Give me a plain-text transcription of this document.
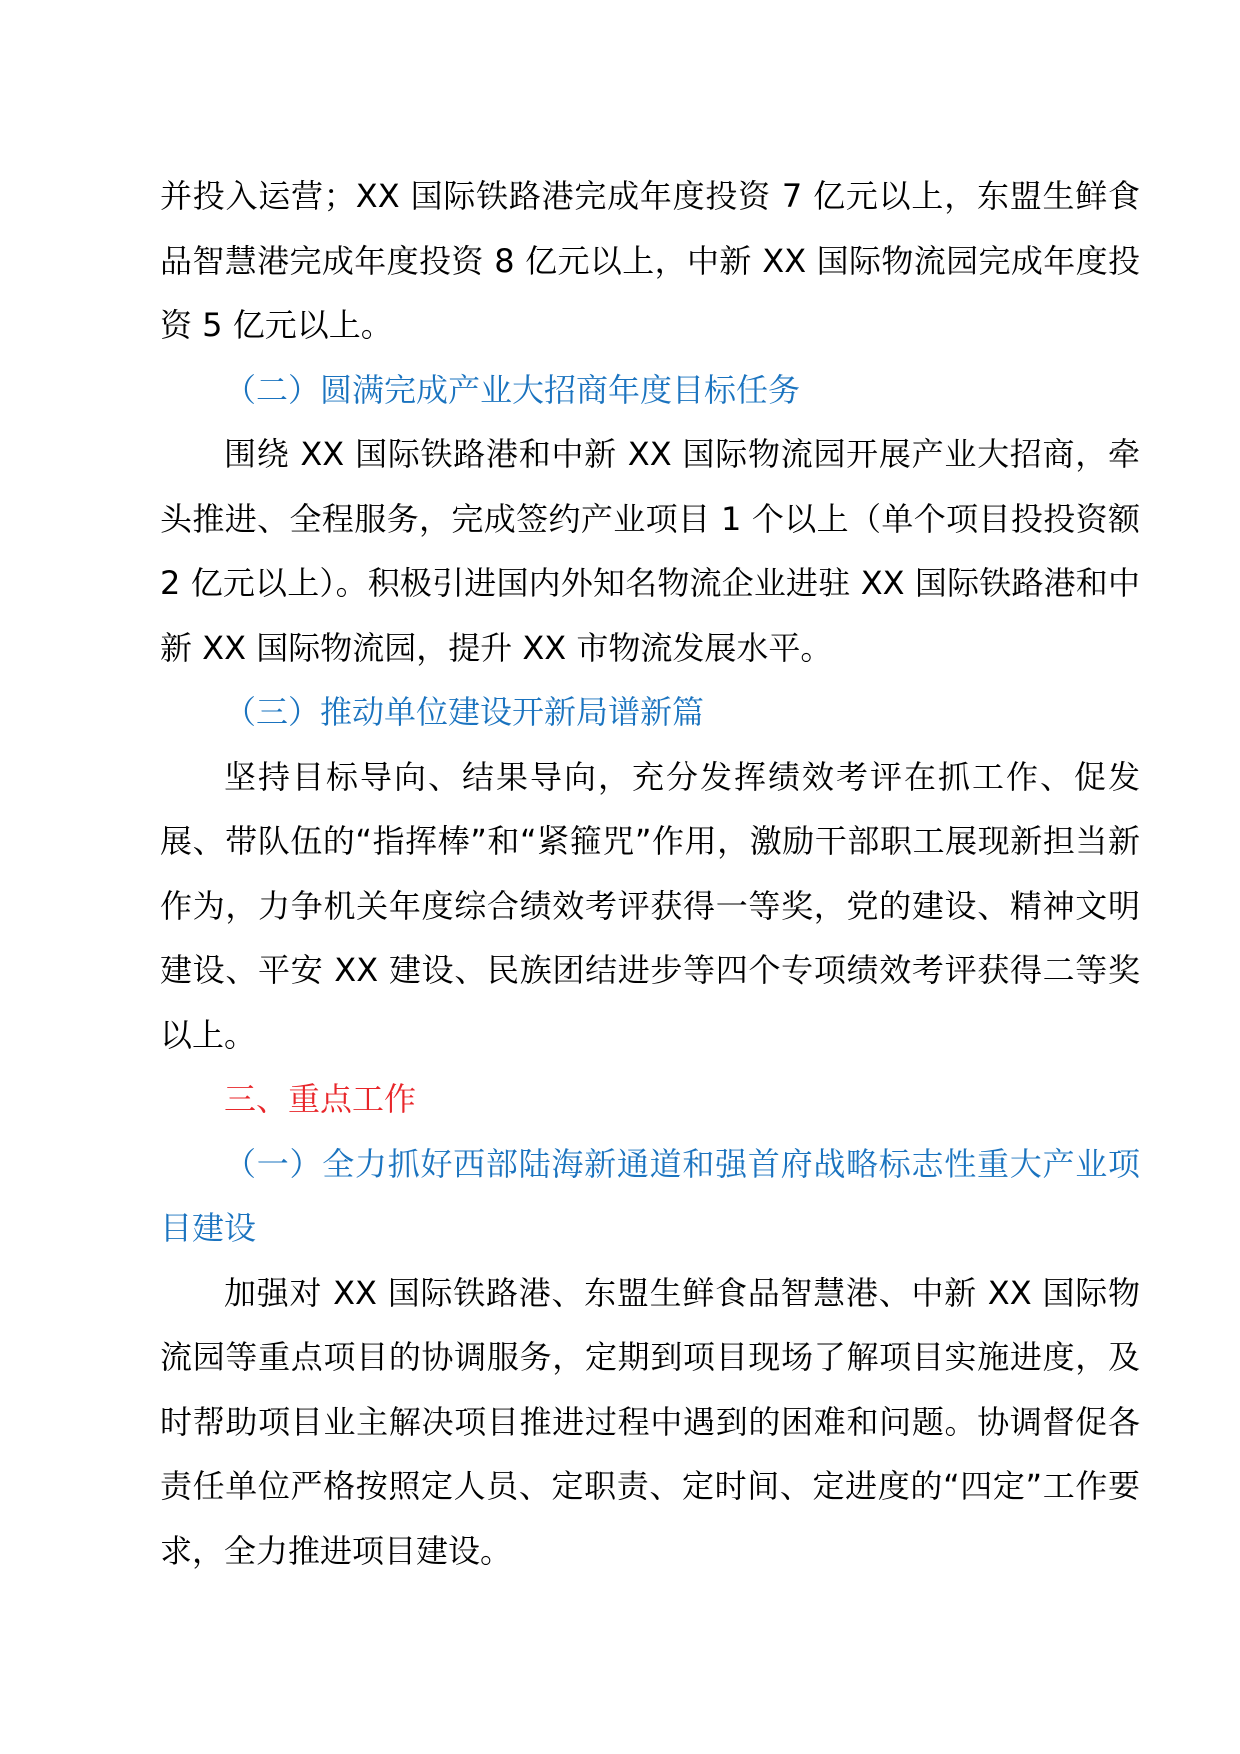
并投入运营；XX 国际铁路港完成年度投资 7 亿元以上，东盟生鲜食品智慧港完成年度投资 8 亿元以上，中新 XX 国际物流园完成年度投资 5 亿元以上。

（二）圆满完成产业大招商年度目标任务

围绕 XX 国际铁路港和中新 XX 国际物流园开展产业大招商，牵头推进、全程服务，完成签约产业项目 1 个以上（单个项目投投资额 2 亿元以上）。积极引进国内外知名物流企业进驻 XX 国际铁路港和中新 XX 国际物流园，提升 XX 市物流发展水平。

（三）推动单位建设开新局谱新篇

坚持目标导向、结果导向，充分发挥绩效考评在抓工作、促发展、带队伍的“指挥棒”和“紧箍咒”作用，激励干部职工展现新担当新作为，力争机关年度综合绩效考评获得一等奖，党的建设、精神文明建设、平安 XX 建设、民族团结进步等四个专项绩效考评获得二等奖以上。

三、重点工作

（一）全力抓好西部陆海新通道和强首府战略标志性重大产业项目建设

加强对 XX 国际铁路港、东盟生鲜食品智慧港、中新 XX 国际物流园等重点项目的协调服务，定期到项目现场了解项目实施进度，及时帮助项目业主解决项目推进过程中遇到的困难和问题。协调督促各责任单位严格按照定人员、定职责、定时间、定进度的“四定”工作要求，全力推进项目建设。
